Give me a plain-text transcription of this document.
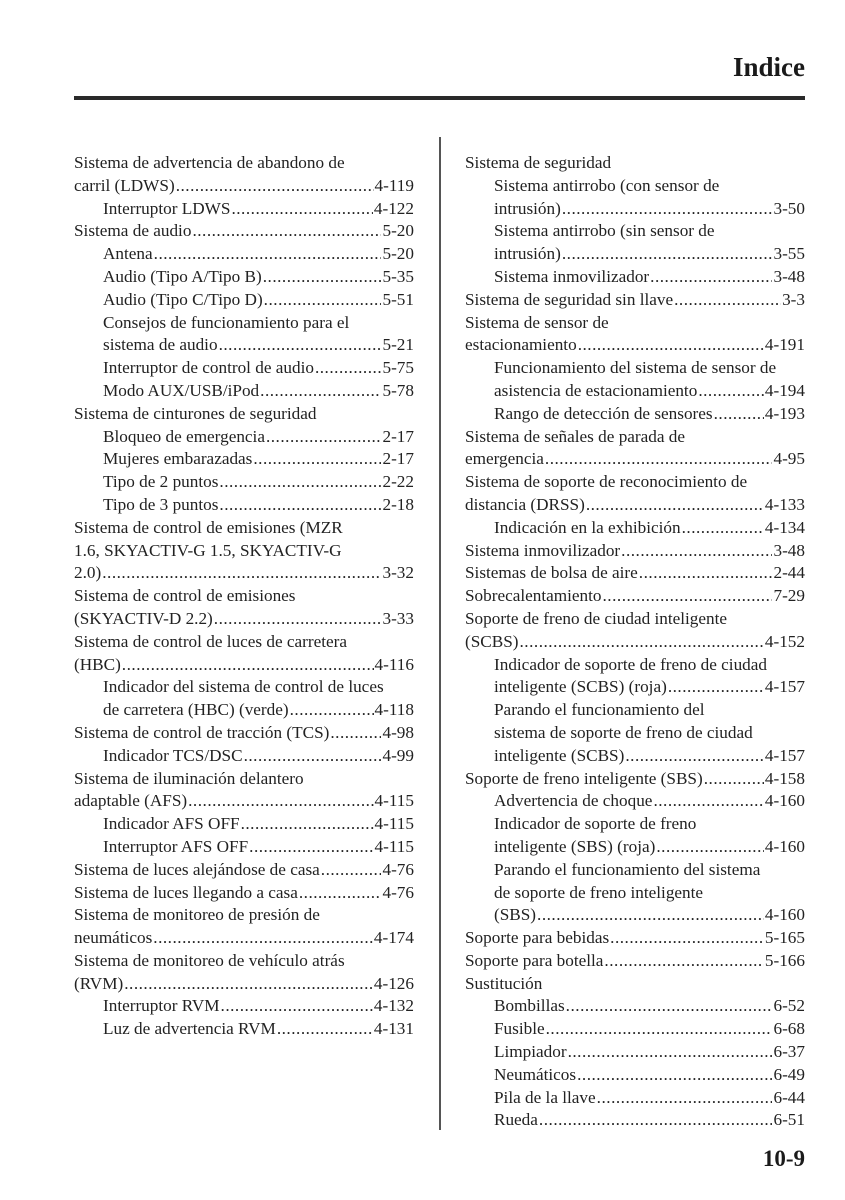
Indice
Sistema de advertencia de abandono de
carril (LDWS) .....	4-119
Interruptor LDWS .....	4-122
Sistema de audio .....	5-20
Antena .....	5-20
Audio (Tipo A/Tipo B) .....	5-35
Audio (Tipo C/Tipo D) .....	5-51
Consejos de funcionamiento para el
sistema de audio .....	5-21
Interruptor de control de audio .....	5-75
Modo AUX/USB/iPod .....	5-78
Sistema de cinturones de seguridad
Bloqueo de emergencia .....	2-17
Mujeres embarazadas .....	2-17
Tipo de 2 puntos .....	2-22
Tipo de 3 puntos .....	2-18
Sistema de control de emisiones (MZR
1.6, SKYACTIV-G 1.5, SKYACTIV-G
2.0) .....	3-32
Sistema de control de emisiones
(SKYACTIV-D 2.2) .....	3-33
Sistema de control de luces de carretera
(HBC) .....	4-116
Indicador del sistema de control de luces
de carretera (HBC) (verde) .....	4-118
Sistema de control de tracción (TCS) .....	4-98
Indicador TCS/DSC .....	4-99
Sistema de iluminación delantero
adaptable (AFS) .....	4-115
Indicador AFS OFF .....	4-115
Interruptor AFS OFF .....	4-115
Sistema de luces alejándose de casa .....	4-76
Sistema de luces llegando a casa .....	4-76
Sistema de monitoreo de presión de
neumáticos .....	4-174
Sistema de monitoreo de vehículo atrás
(RVM) .....	4-126
Interruptor RVM .....	4-132
Luz de advertencia RVM .....	4-131
Sistema de seguridad
Sistema antirrobo (con sensor de
intrusión) .....	3-50
Sistema antirrobo (sin sensor de
intrusión) .....	3-55
Sistema inmovilizador .....	3-48
Sistema de seguridad sin llave .....	3-3
Sistema de sensor de
estacionamiento .....	4-191
Funcionamiento del sistema de sensor de
asistencia de estacionamiento .....	4-194
Rango de detección de sensores .....	4-193
Sistema de señales de parada de
emergencia .....	4-95
Sistema de soporte de reconocimiento de
distancia (DRSS) .....	4-133
Indicación en la exhibición .....	4-134
Sistema inmovilizador .....	3-48
Sistemas de bolsa de aire .....	2-44
Sobrecalentamiento .....	7-29
Soporte de freno de ciudad inteligente
(SCBS) .....	4-152
Indicador de soporte de freno de ciudad
inteligente (SCBS) (roja) .....	4-157
Parando el funcionamiento del
sistema de soporte de freno de ciudad
inteligente (SCBS) .....	4-157
Soporte de freno inteligente (SBS) .....	4-158
Advertencia de choque .....	4-160
Indicador de soporte de freno
inteligente (SBS) (roja) .....	4-160
Parando el funcionamiento del sistema
de soporte de freno inteligente
(SBS) .....	4-160
Soporte para bebidas .....	5-165
Soporte para botella .....	5-166
Sustitución
Bombillas .....	6-52
Fusible .....	6-68
Limpiador .....	6-37
Neumáticos .....	6-49
Pila de la llave .....	6-44
Rueda .....	6-51
10-9
